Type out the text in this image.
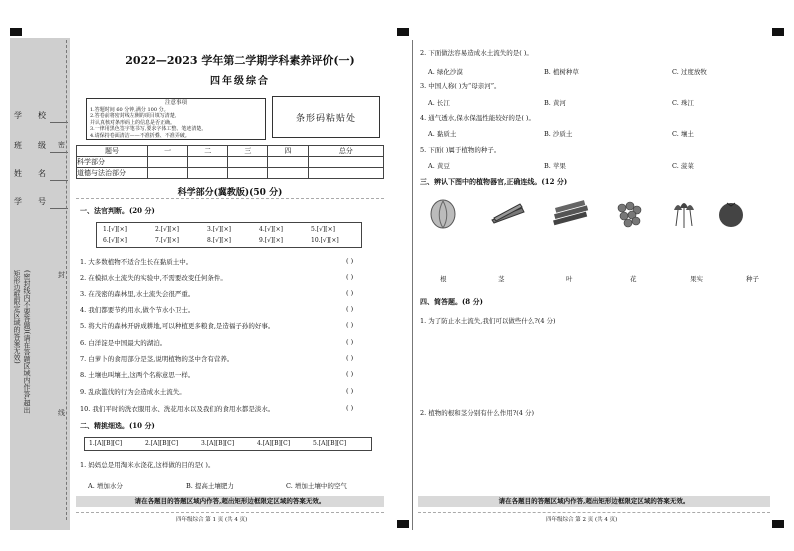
学 校
班 级
姓 名
学 号
(密封线内不要答题)(请在答题区域内作答,超出矩形边框限定区域的答案无效)
密
封
线
2022—2023 学年第二学期学科素养评价(一)
四年级综合
注意事项
1.答题时间 60 分钟,满分 100 分。
2.答卷前将密封线左侧的项目填写清楚,
并认真核对条形码上的信息是否正确。
3.一律用黑色签字笔书写,要求字体工整、笔迹清楚。
4.请保持卷面清洁——不准折叠、不准弄破。
条形码粘贴处
题号	一	二	三	四	总分
科学部分					
道德与法治部分					
科学部分(冀教版)(50 分)
一、法官判断。(20 分)
1.[√][×]	2.[√][×]	3.[√][×]	4.[√][×]	5.[√][×]
6.[√][×]	7.[√][×]	8.[√][×]	9.[√][×]	10.[√][×]
1. 大多数植物不适合生长在黏质土中。
2. 在模拟水土流失的实验中,不需要改变任何条件。
3. 在茂密的森林里,水土流失会很严重。
4. 我们都要节约用水,做个节水小卫士。
5. 将大片的森林开辟成耕地,可以种植更多粮食,是造福子孙的好事。
6. 白洋淀是中国最大的湖泊。
7. 白萝卜的食用部分是茎,说明植物的茎中含有营养。
8. 土壤也叫壤土,这两个名称意思一样。
9. 乱砍滥伐的行为会造成水土流失。
10. 我们平时的洗衣服用水、洗花用水以及我们的食用水都是淡水。
( )
( )
( )
( )
( )
( )
( )
( )
( )
( )
二、精挑细选。(10 分)
1.[A][B][C]	2.[A][B][C]	3.[A][B][C]	4.[A][B][C]	5.[A][B][C]
1. 妈妈总是用淘米水浇花,这样做的目的是( )。
A. 增加水分	B. 提高土壤肥力	C. 增加土壤中的空气
请在各题目的答题区域内作答,超出矩形边框限定区域的答案无效。
四年级综合 第 1 页 (共 4 页)
2. 下面做法容易造成水土流失的是( )。
A. 绿化沙漠	B. 植树种草	C. 过度放牧
3. 中国人称( )为“母亲河”。
A. 长江	B. 黄河	C. 珠江
4. 通气透水,保水保温性能较好的是( )。
A. 黏质土	B. 沙质土	C. 壤土
5. 下面( )属于植物的种子。
A. 黄豆	B. 苹果	C. 菠菜
三、辨认下图中的植物器官,正确连线。(12 分)
根	茎	叶	花	果实	种子
四、简答题。(8 分)
1. 为了防止水土流失,我们可以做些什么?(4 分)
2. 植物的根和茎分别有什么作用?(4 分)
请在各题目的答题区域内作答,超出矩形边框限定区域的答案无效。
四年级综合 第 2 页 (共 4 页)
